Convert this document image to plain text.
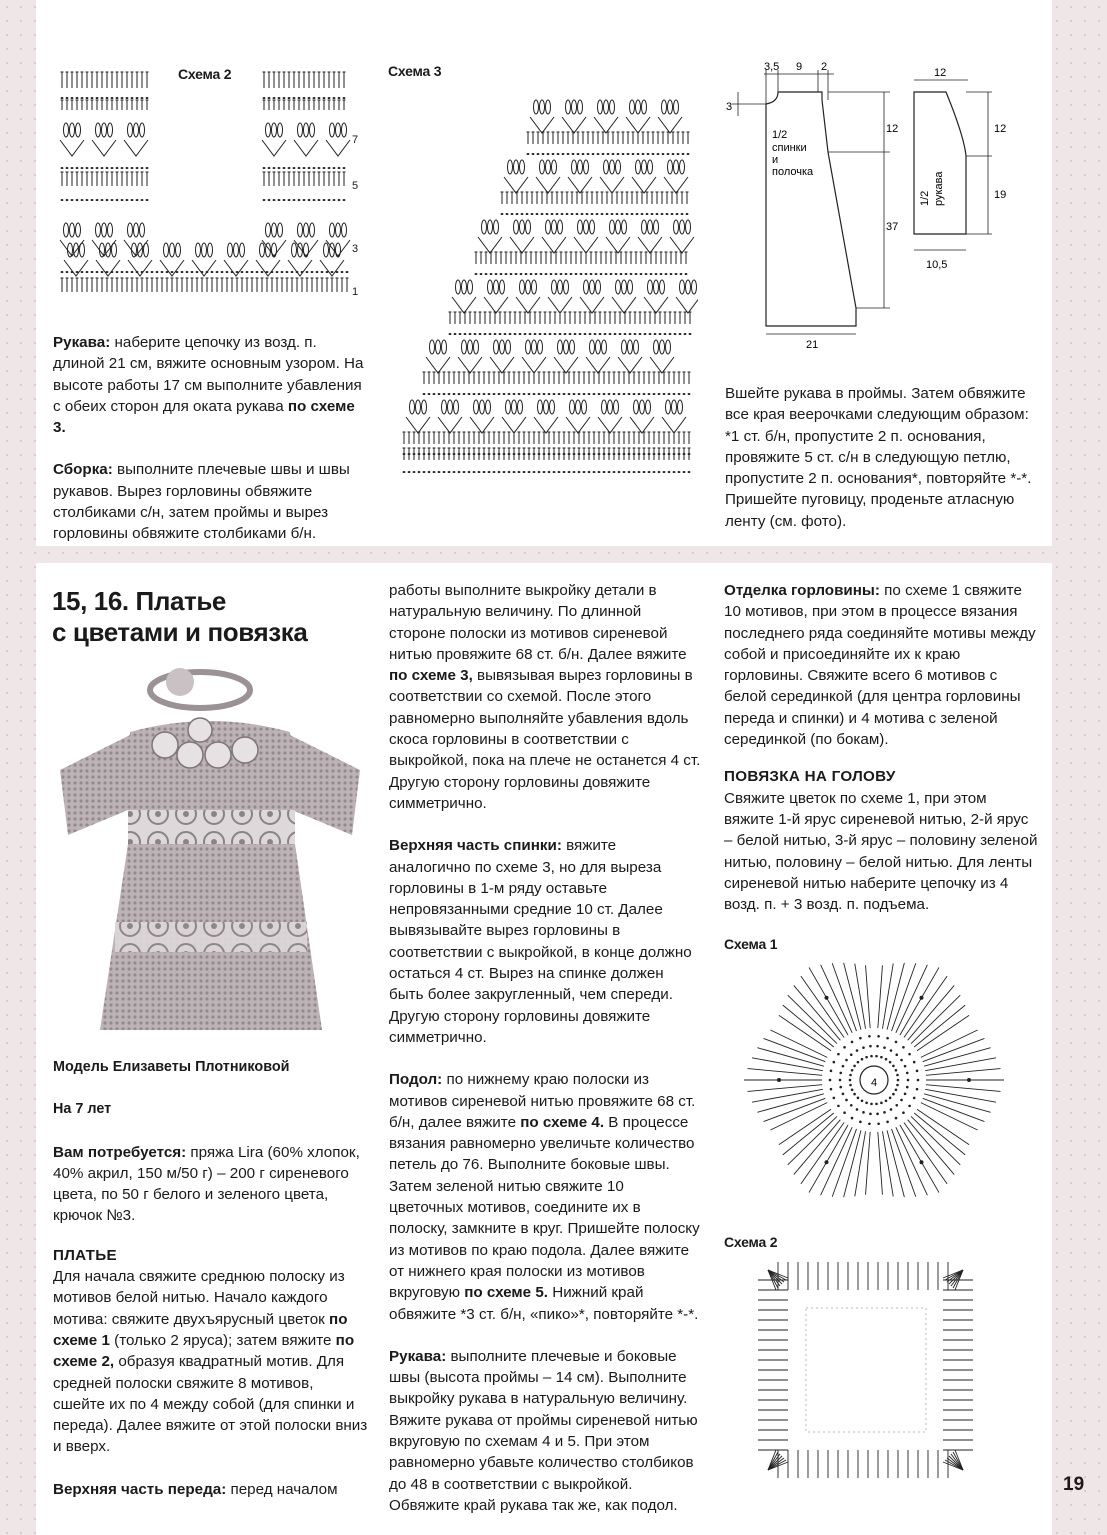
Схема 2
7
5
3
1
Схема 3

Рукава: наберите цепочку из возд. п. длиной 21 см, вяжите основным узором. На высоте работы 17 см выполните убавления с обеих сторон для оката рукава по схеме 3.

Сборка: выполните плечевые швы и швы рукавов. Вырез горловины обвяжите столбиками с/н, затем проймы и вырез горловины обвяжите столбиками б/н.

3,5 9 2
3
12
1/2
спинки
и
полочка
37
21
12
12
19
1/2 рукава
10,5

Вшейте рукава в проймы. Затем обвяжите все края веерочками следующим образом: *1 ст. б/н, пропустите 2 п. основания, провяжите 5 ст. с/н в следующую петлю, пропустите 2 п. основания*, повторяйте *-*. Пришейте пуговицу, проденьте атласную ленту (см. фото).

15, 16. Платье
с цветами и повязка

Модель Елизаветы Плотниковой

На 7 лет

Вам потребуется: пряжа Lira (60% хлопок, 40% акрил, 150 м/50 г) – 200 г сиреневого цвета, по 50 г белого и зеленого цвета, крючок №3.

ПЛАТЬЕ
Для начала свяжите среднюю полоску из мотивов белой нитью. Начало каждого мотива: свяжите двухъярусный цветок по схеме 1 (только 2 яруса); затем вяжите по схеме 2, образуя квадратный мотив. Для средней полоски свяжите 8 мотивов, сшейте их по 4 между собой (для спинки и переда). Далее вяжите от этой полоски вниз и вверх.

Верхняя часть переда: перед началом

работы выполните выкройку детали в натуральную величину. По длинной стороне полоски из мотивов сиреневой нитью провяжите 68 ст. б/н. Далее вяжите по схеме 3, вывязывая вырез горловины в соответствии со схемой. После этого равномерно выполняйте убавления вдоль скоса горловины в соответствии с выкройкой, пока на плече не останется 4 ст. Другую сторону горловины довяжите симметрично.

Верхняя часть спинки: вяжите аналогично по схеме 3, но для выреза горловины в 1-м ряду оставьте непровязанными средние 10 ст. Далее вывязывайте вырез горловины в соответствии с выкройкой, в конце должно остаться 4 ст. Вырез на спинке должен быть более закругленный, чем спереди. Другую сторону горловины довяжите симметрично.

Подол: по нижнему краю полоски из мотивов сиреневой нитью провяжите 68 ст. б/н, далее вяжите по схеме 4. В процессе вязания равномерно увеличьте количество петель до 76. Выполните боковые швы. Затем зеленой нитью свяжите 10 цветочных мотивов, соедините их в полоску, замкните в круг. Пришейте полоску из мотивов по краю подола. Далее вяжите от нижнего края полоски из мотивов вкруговую по схеме 5. Нижний край обвяжите *3 ст. б/н, «пико»*, повторяйте *-*.

Рукава: выполните плечевые и боковые швы (высота проймы – 14 см). Выполните выкройку рукава в натуральную величину. Вяжите рукава от проймы сиреневой нитью вкруговую по схемам 4 и 5. При этом равномерно убавьте количество столбиков до 48 в соответствии с выкройкой. Обвяжите край рукава так же, как подол.

Отделка горловины: по схеме 1 свяжите 10 мотивов, при этом в процессе вязания последнего ряда соединяйте мотивы между собой и присоединяйте их к краю горловины. Свяжите всего 6 мотивов с белой серединкой (для центра горловины переда и спинки) и 4 мотива с зеленой серединкой (по бокам).

ПОВЯЗКА НА ГОЛОВУ
Свяжите цветок по схеме 1, при этом вяжите 1-й ярус сиреневой нитью, 2-й ярус – белой нитью, 3-й ярус – половину зеленой нитью, половину – белой нитью. Для ленты сиреневой нитью наберите цепочку из 4 возд. п. + 3 возд. п. подъема.

Схема 1
4
Схема 2
19
